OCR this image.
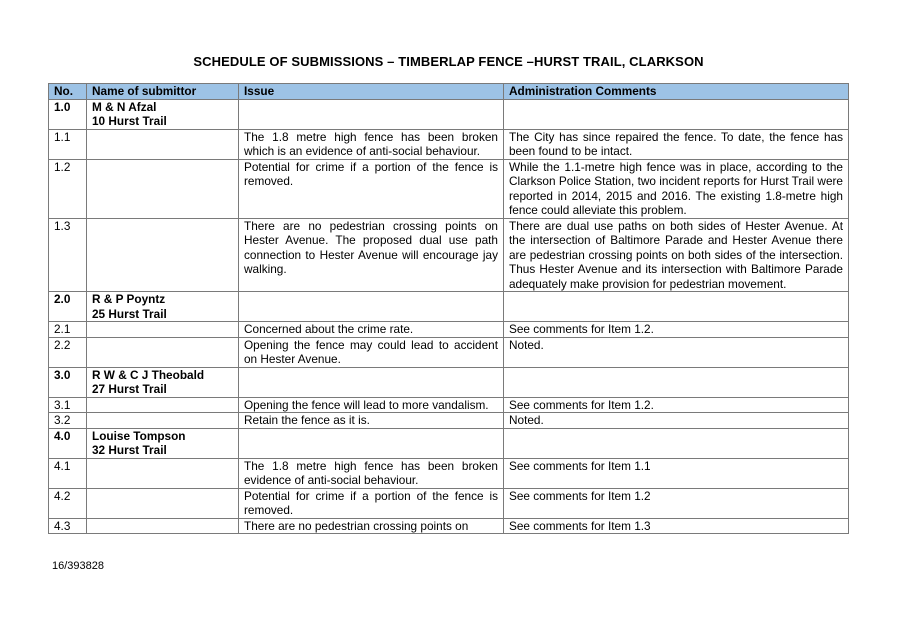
SCHEDULE OF SUBMISSIONS – TIMBERLAP FENCE –HURST TRAIL, CLARKSON
No.	Name of submittor	Issue	Administration Comments
1.0	M & N Afzal
10 Hurst Trail		

1.1		The 1.8 metre high fence has been broken which is an evidence of anti-social behaviour.	The City has since repaired the fence. To date, the fence has been found to be intact.
1.2		Potential for crime if a portion of the fence is removed.	While the 1.1-metre high fence was in place, according to the Clarkson Police Station, two incident reports for Hurst Trail were reported in 2014, 2015 and 2016. The existing 1.8-metre high fence could alleviate this problem.
1.3		There are no pedestrian crossing points on Hester Avenue. The proposed dual use path connection to Hester Avenue will encourage jay walking.	There are dual use paths on both sides of Hester Avenue. At the intersection of Baltimore Parade and Hester Avenue there are pedestrian crossing points on both sides of the intersection. Thus Hester Avenue and its intersection with Baltimore Parade adequately make provision for pedestrian movement.
2.0	R & P Poyntz
25 Hurst Trail		

2.1		Concerned about the crime rate.	See comments for Item 1.2.
2.2		Opening the fence may could lead to accident on Hester Avenue.	Noted.
3.0	R W & C J Theobald
27 Hurst Trail		

3.1		Opening the fence will lead to more vandalism.	See comments for Item 1.2.
3.2		Retain the fence as it is.	Noted.
4.0	Louise Tompson
32 Hurst Trail		

4.1		The 1.8 metre high fence has been broken evidence of anti-social behaviour.	See comments for Item 1.1
4.2		Potential for crime if a portion of the fence is removed.	See comments for Item 1.2
4.3		There are no pedestrian crossing points on	See comments for Item 1.3
16/393828
